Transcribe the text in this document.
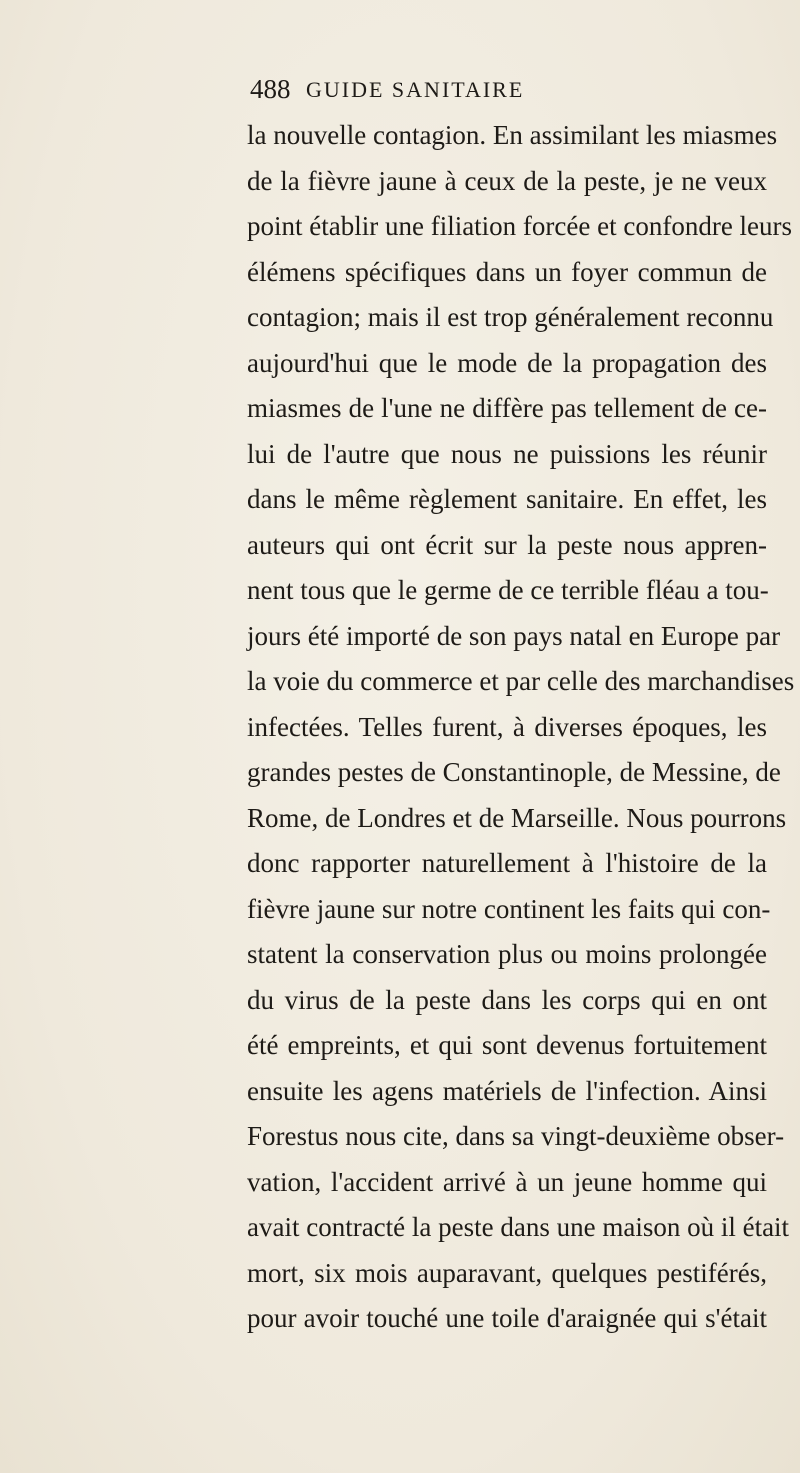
488 GUIDE SANITAIRE
la nouvelle contagion. En assimilant les miasmes
de la fièvre jaune à ceux de la peste, je ne veux
point établir une filiation forcée et confondre leurs
élémens spécifiques dans un foyer commun de
contagion; mais il est trop généralement reconnu
aujourd'hui que le mode de la propagation des
miasmes de l'une ne diffère pas tellement de ce-
lui de l'autre que nous ne puissions les réunir
dans le même règlement sanitaire. En effet, les
auteurs qui ont écrit sur la peste nous appren-
nent tous que le germe de ce terrible fléau a tou-
jours été importé de son pays natal en Europe par
la voie du commerce et par celle des marchandises
infectées. Telles furent, à diverses époques, les
grandes pestes de Constantinople, de Messine, de
Rome, de Londres et de Marseille. Nous pourrons
donc rapporter naturellement à l'histoire de la
fièvre jaune sur notre continent les faits qui con-
statent la conservation plus ou moins prolongée
du virus de la peste dans les corps qui en ont
été empreints, et qui sont devenus fortuitement
ensuite les agens matériels de l'infection. Ainsi
Forestus nous cite, dans sa vingt-deuxième obser-
vation, l'accident arrivé à un jeune homme qui
avait contracté la peste dans une maison où il était
mort, six mois auparavant, quelques pestiférés,
pour avoir touché une toile d'araignée qui s'était
